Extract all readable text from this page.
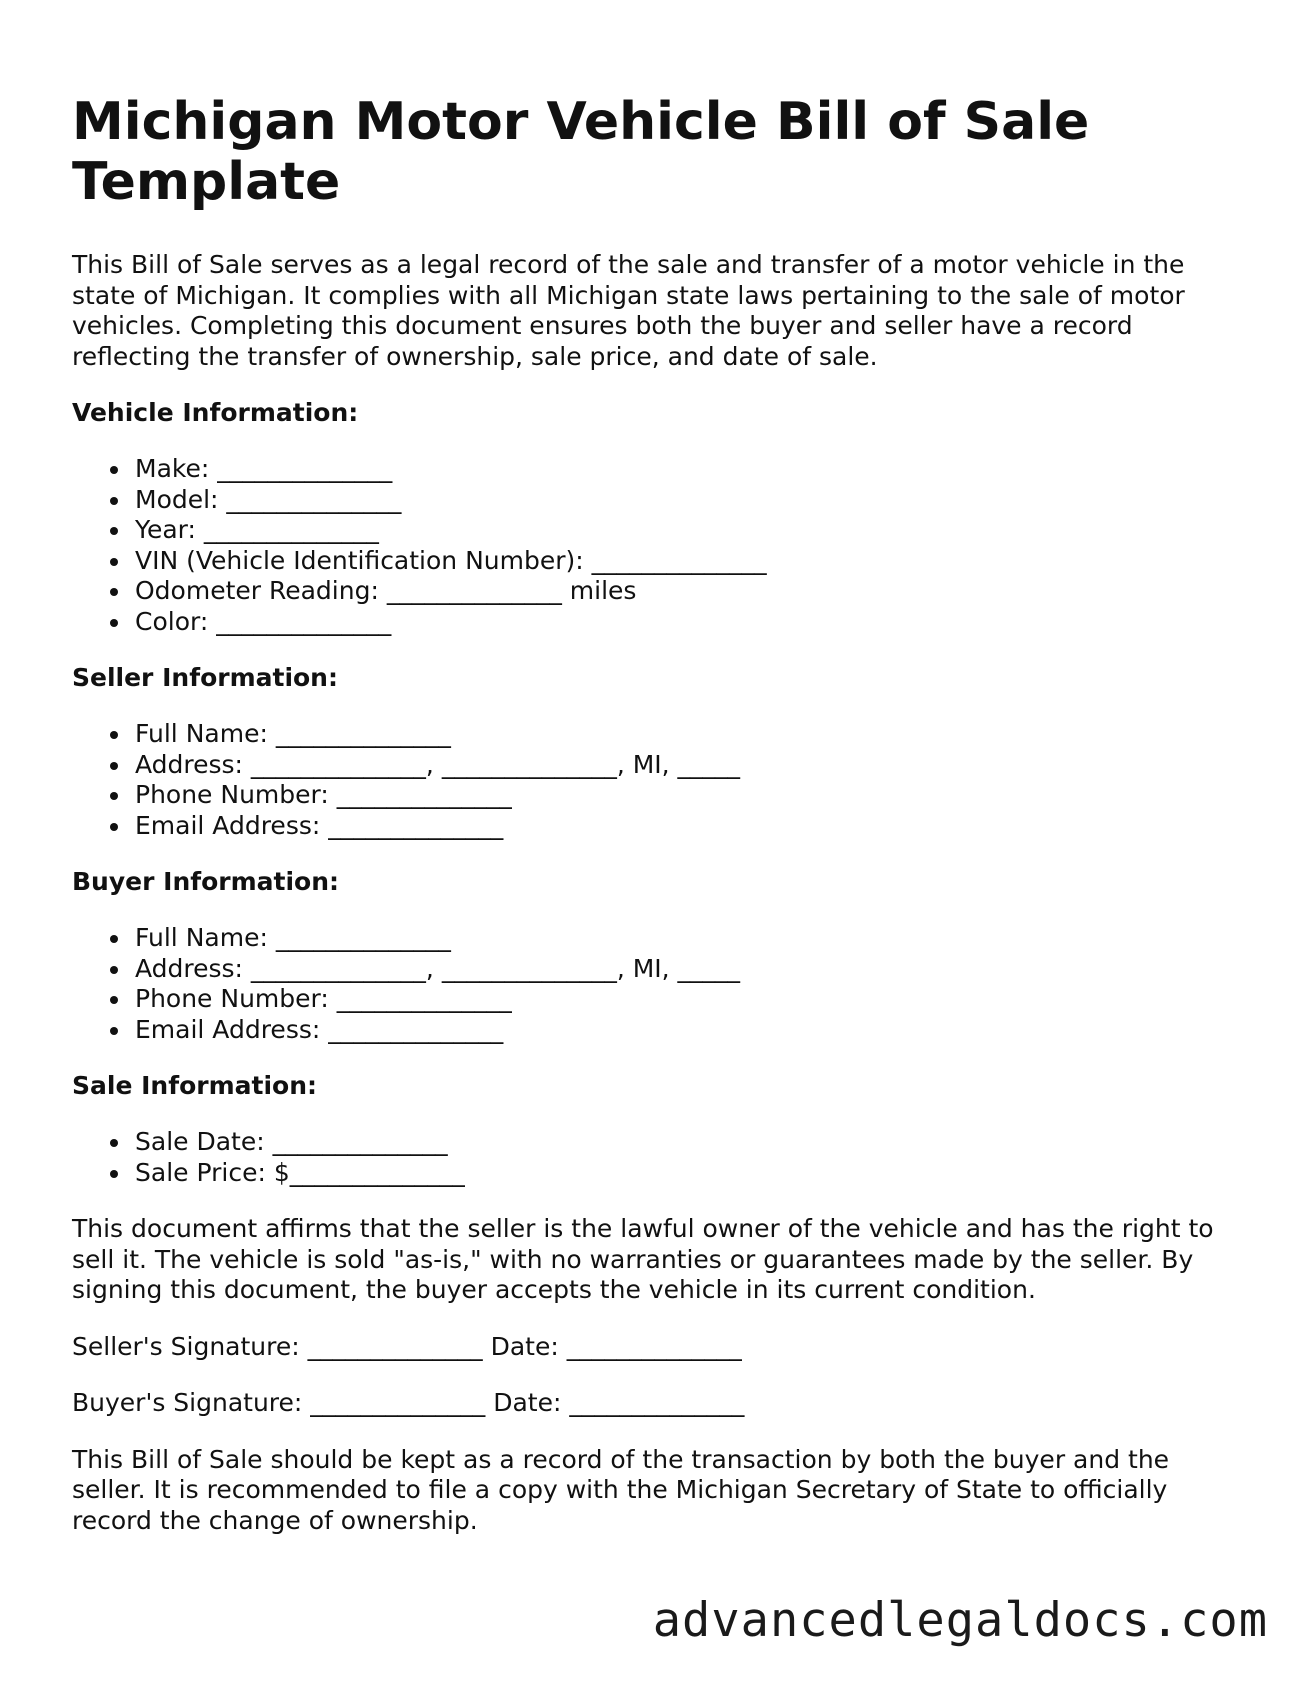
Michigan Motor Vehicle Bill of Sale Template

This Bill of Sale serves as a legal record of the sale and transfer of a motor vehicle in the state of Michigan. It complies with all Michigan state laws pertaining to the sale of motor vehicles. Completing this document ensures both the buyer and seller have a record reflecting the transfer of ownership, sale price, and date of sale.

Vehicle Information:
Make: ______________
Model: ______________
Year: ______________
VIN (Vehicle Identification Number): ______________
Odometer Reading: ______________ miles
Color: ______________
Seller Information:
Full Name: ______________
Address: ______________, ______________, MI, _____
Phone Number: ______________
Email Address: ______________
Buyer Information:
Full Name: ______________
Address: ______________, ______________, MI, _____
Phone Number: ______________
Email Address: ______________
Sale Information:
Sale Date: ______________
Sale Price: $______________

This document affirms that the seller is the lawful owner of the vehicle and has the right to sell it. The vehicle is sold "as-is," with no warranties or guarantees made by the seller. By signing this document, the buyer accepts the vehicle in its current condition.

Seller's Signature: ______________ Date: ______________

Buyer's Signature: ______________ Date: ______________

This Bill of Sale should be kept as a record of the transaction by both the buyer and the seller. It is recommended to file a copy with the Michigan Secretary of State to officially record the change of ownership.

advancedlegaldocs.com
